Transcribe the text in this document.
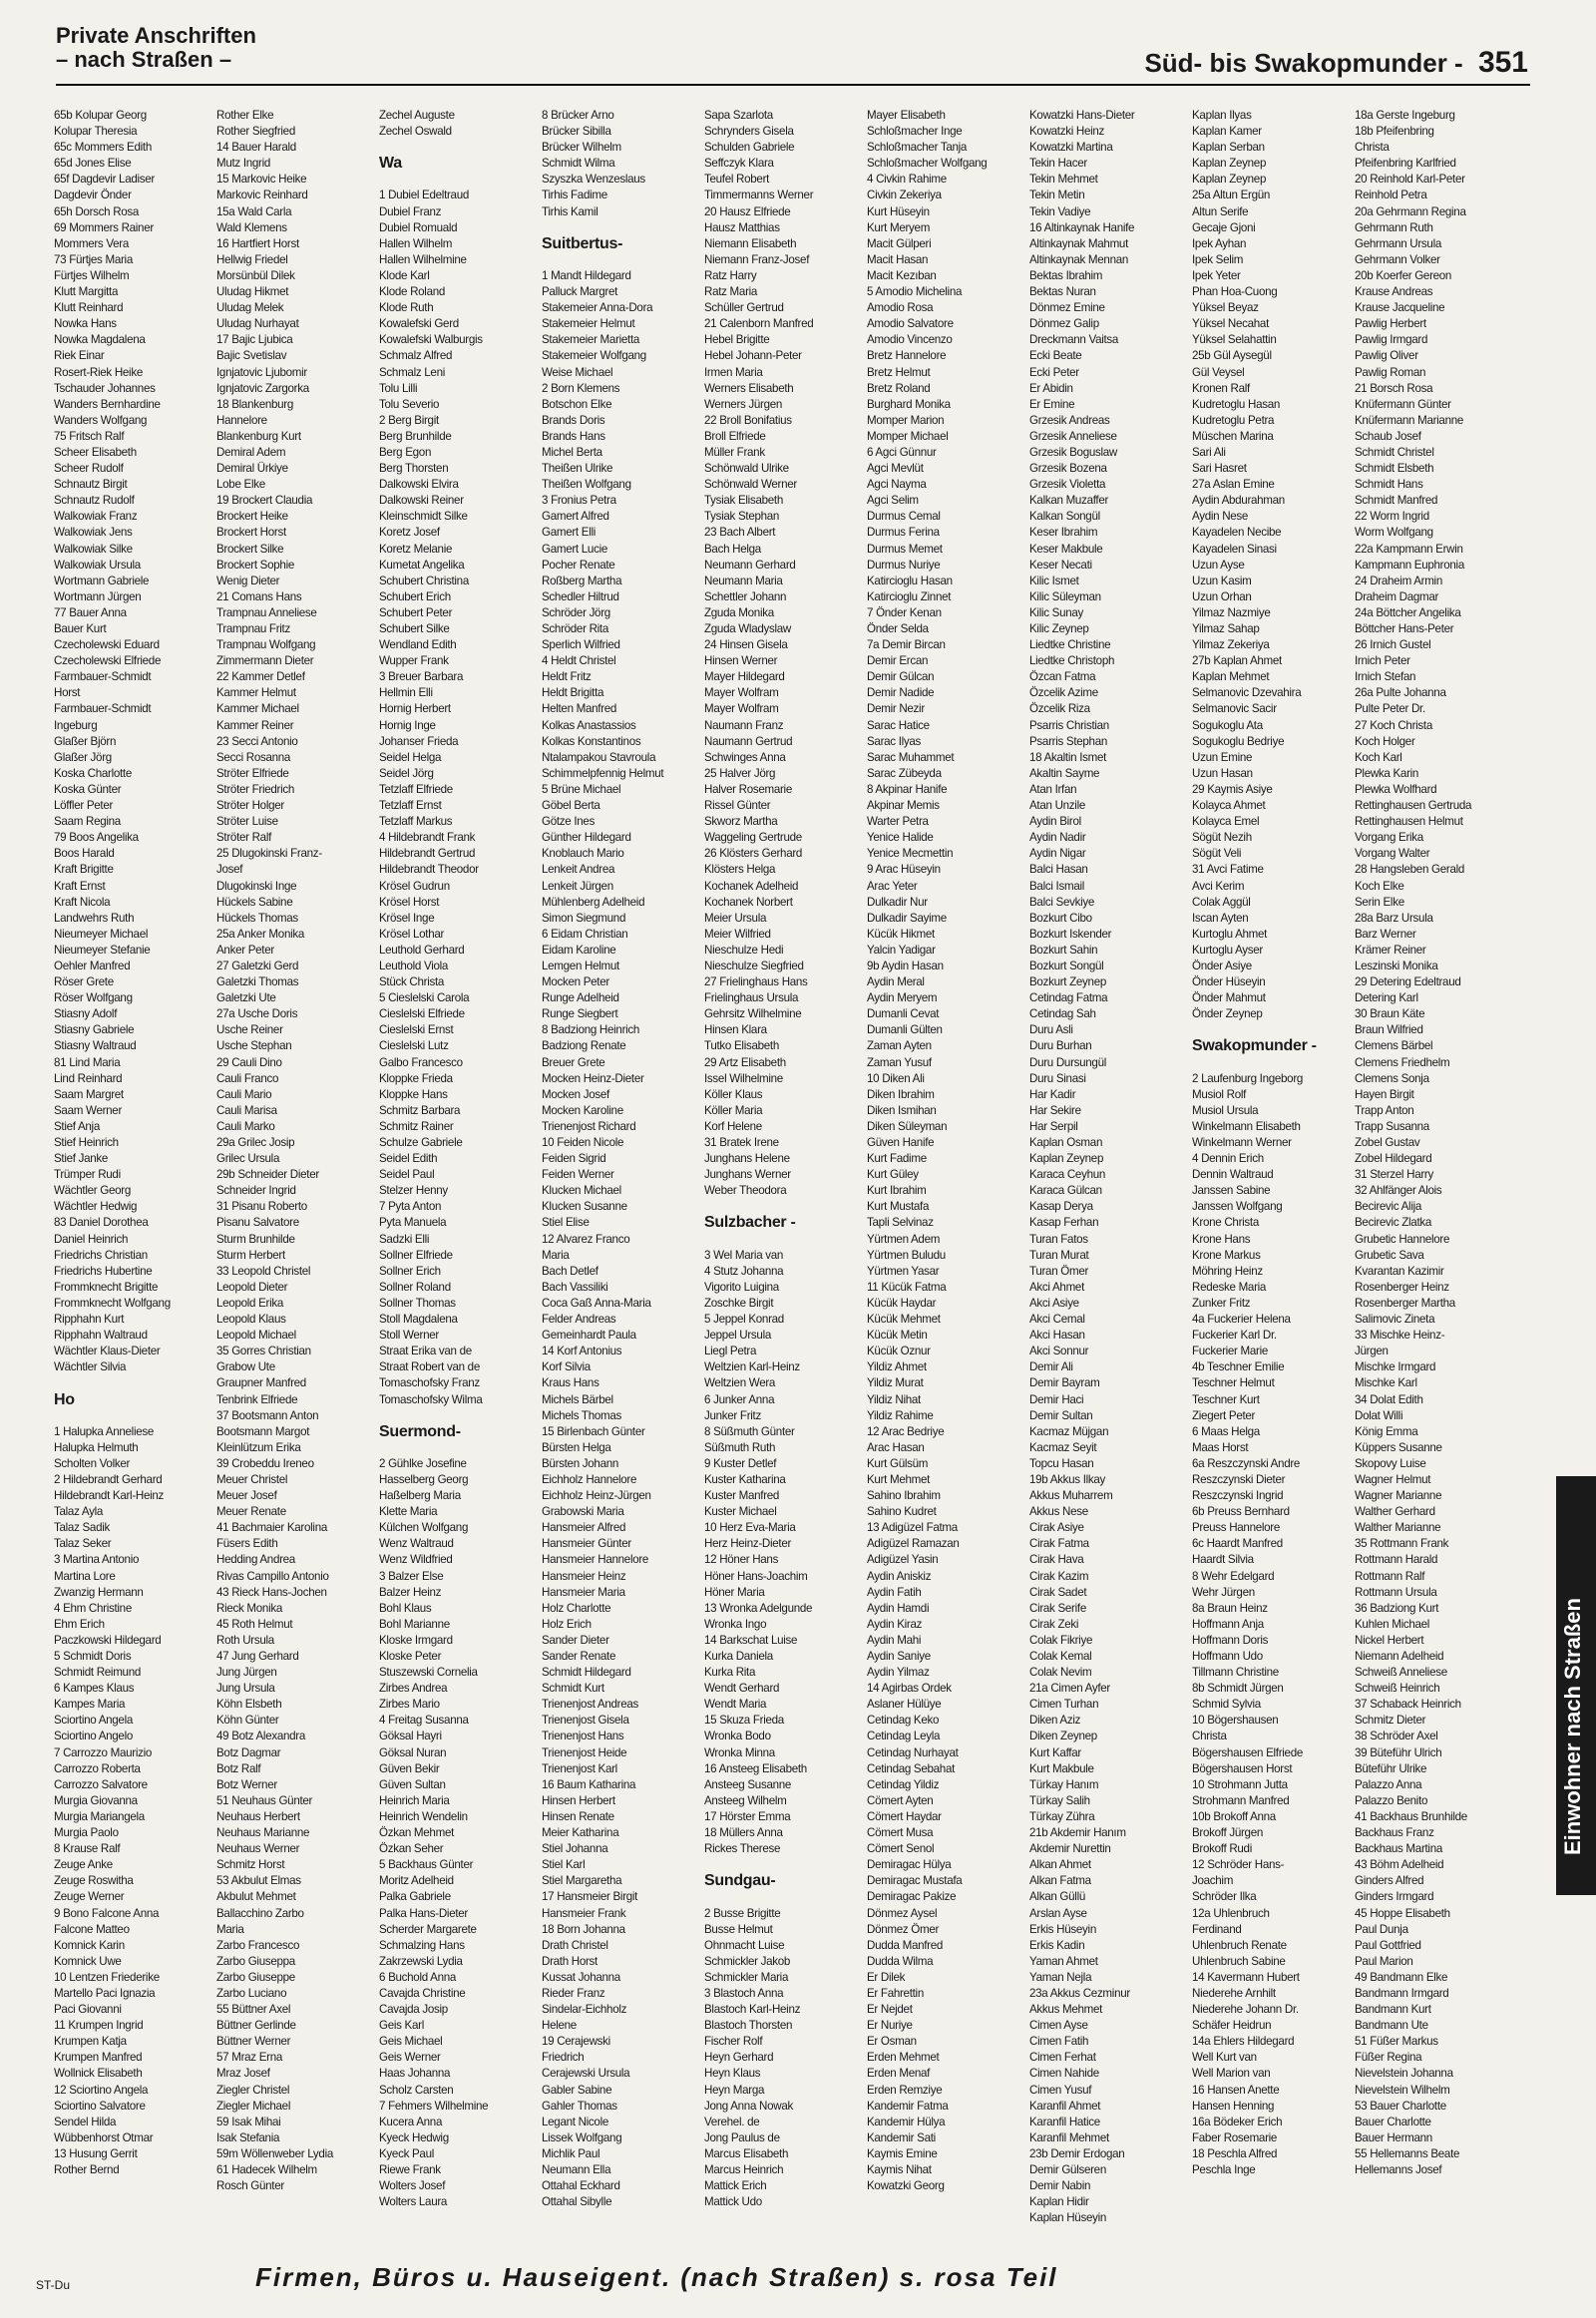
Private Anschriften
– nach Straßen –	Süd- bis Swakopmunder - 351
65b Kolupar Georg
Kolupar Theresia
65c Mommers Edith
65d Jones Elise
65f Dagdevir Ladiser
Dagdevir Önder
65h Dorsch Rosa
69 Mommers Rainer
Mommers Vera
73 Fürtjes Maria
Fürtjes Wilhelm
Klutt Margitta
Klutt Reinhard
Nowka Hans
Nowka Magdalena
Riek Einar
Rosert-Riek Heike
Tschauder Johannes
Wanders Bernhardine
Wanders Wolfgang
75 Fritsch Ralf
Scheer Elisabeth
Scheer Rudolf
Schnautz Birgit
Schnautz Rudolf
Walkowiak Franz
Walkowiak Jens
Walkowiak Silke
Walkowiak Ursula
Wortmann Gabriele
Wortmann Jürgen
77 Bauer Anna
Bauer Kurt
Czecholewski Eduard
Czecholewski Elfriede
Farmbauer-Schmidt
Horst
Farmbauer-Schmidt
Ingeburg
Glaßer Björn
Glaßer Jörg
Koska Charlotte
Koska Günter
Löffler Peter
Saam Regina
79 Boos Angelika
Boos Harald
Kraft Brigitte
Kraft Ernst
Kraft Nicola
Landwehrs Ruth
Nieumeyer Michael
Nieumeyer Stefanie
Oehler Manfred
Röser Grete
Röser Wolfgang
Stiasny Adolf
Stiasny Gabriele
Stiasny Waltraud
81 Lind Maria
Lind Reinhard
Saam Margret
Saam Werner
Stief Anja
Stief Heinrich
Stief Janke
Trümper Rudi
Wächtler Georg
Wächtler Hedwig
83 Daniel Dorothea
Daniel Heinrich
Friedrichs Christian
Friedrichs Hubertine
Frommknecht Brigitte
Frommknecht Wolfgang
Ripphahn Kurt
Ripphahn Waltraud
Wächtler Klaus-Dieter
Wächtler Silvia

Ho

1 Halupka Anneliese
Halupka Helmuth
Scholten Volker
2 Hildebrandt Gerhard
Hildebrandt Karl-Heinz
Talaz Ayla
Talaz Sadik
Talaz Seker
3 Martina Antonio
Martina Lore
Zwanzig Hermann
4 Ehm Christine
Ehm Erich
Paczkowski Hildegard
5 Schmidt Doris
Schmidt Reimund
6 Kampes Klaus
Kampes Maria
Sciortino Angela
Sciortino Angelo
7 Carrozzo Maurizio
Carrozzo Roberta
Carrozzo Salvatore
Murgia Giovanna
Murgia Mariangela
Murgia Paolo
8 Krause Ralf
Zeuge Anke
Zeuge Roswitha
Zeuge Werner
9 Bono Falcone Anna
Falcone Matteo
Komnick Karin
Komnick Uwe
10 Lentzen Friederike
Martello Paci Ignazia
Paci Giovanni
11 Krumpen Ingrid
Krumpen Katja
Krumpen Manfred
Wollnick Elisabeth
12 Sciortino Angela
Sciortino Salvatore
Sendel Hilda
Wübbenhorst Otmar
13 Husung Gerrit
Rother Bernd
Rother Elke
Rother Siegfried
14 Bauer Harald
Mutz Ingrid
15 Markovic Heike
Markovic Reinhard
15a Wald Carla
Wald Klemens
16 Hartfiert Horst
Hellwig Friedel
Morsünbül Dilek
Uludag Hikmet
Uludag Melek
Uludag Nurhayat
17 Bajic Ljubica
Bajic Svetislav
Ignjatovic Ljubomir
Ignjatovic Zargorka
18 Blankenburg
Hannelore
Blankenburg Kurt
Demiral Adem
Demiral Ürkiye
Lobe Elke
19 Brockert Claudia
Brockert Heike
Brockert Horst
Brockert Silke
Brockert Sophie
Wenig Dieter
21 Comans Hans
Trampnau Anneliese
Trampnau Fritz
Trampnau Wolfgang
Zimmermann Dieter
22 Kammer Detlef
Kammer Helmut
Kammer Michael
Kammer Reiner
23 Secci Antonio
Secci Rosanna
Ströter Elfriede
Ströter Friedrich
Ströter Holger
Ströter Luise
Ströter Ralf
25 Dlugokinski Franz-
Josef
Dlugokinski Inge
Hückels Sabine
Hückels Thomas
25a Anker Monika
Anker Peter
27 Galetzki Gerd
Galetzki Thomas
Galetzki Ute
27a Usche Doris
Usche Reiner
Usche Stephan
29 Cauli Dino
Cauli Franco
Cauli Mario
Cauli Marisa
Cauli Marko
29a Grilec Josip
Grilec Ursula
29b Schneider Dieter
Schneider Ingrid
31 Pisanu Roberto
Pisanu Salvatore
Sturm Brunhilde
Sturm Herbert
33 Leopold Christel
Leopold Dieter
Leopold Erika
Leopold Klaus
Leopold Michael
35 Gorres Christian
Grabow Ute
Graupner Manfred
Tenbrink Elfriede
37 Bootsmann Anton
Bootsmann Margot
Kleinlützum Erika
39 Crobeddu Ireneo
Meuer Christel
Meuer Josef
Meuer Renate
41 Bachmaier Karolina
Füsers Edith
Hedding Andrea
Rivas Campillo Antonio
43 Rieck Hans-Jochen
Rieck Monika
45 Roth Helmut
Roth Ursula
47 Jung Gerhard
Jung Jürgen
Jung Ursula
Köhn Elsbeth
Köhn Günter
49 Botz Alexandra
Botz Dagmar
Botz Ralf
Botz Werner
51 Neuhaus Günter
Neuhaus Herbert
Neuhaus Marianne
Neuhaus Werner
Schmitz Horst
53 Akbulut Elmas
Akbulut Mehmet
Ballacchino Zarbo
Maria
Zarbo Francesco
Zarbo Giuseppa
Zarbo Giuseppe
Zarbo Luciano
55 Büttner Axel
Büttner Gerlinde
Büttner Werner
57 Mraz Erna
Mraz Josef
Ziegler Christel
Ziegler Michael
59 Isak Mihai
Isak Stefania
59m Wöllenweber Lydia
61 Hadecek Wilhelm
Rosch Günter
Zechel Auguste
Zechel Oswald

Wa

1 Dubiel Edeltraud
Dubiel Franz
Dubiel Romuald
Hallen Wilhelm
Hallen Wilhelmine
Klode Karl
Klode Roland
Klode Ruth
Kowalefski Gerd
Kowalefski Walburgis
Schmalz Alfred
Schmalz Leni
Tolu Lilli
Tolu Severio
2 Berg Birgit
Berg Brunhilde
Berg Egon
Berg Thorsten
Dalkowski Elvira
Dalkowski Reiner
Kleinschmidt Silke
Koretz Josef
Koretz Melanie
Kumetat Angelika
Schubert Christina
Schubert Erich
Schubert Peter
Schubert Silke
Wendland Edith
Wupper Frank
3 Breuer Barbara
Hellmin Elli
Hornig Herbert
Hornig Inge
Johanser Frieda
Seidel Helga
Seidel Jörg
Tetzlaff Elfriede
Tetzlaff Ernst
Tetzlaff Markus
4 Hildebrandt Frank
Hildebrandt Gertrud
Hildebrandt Theodor
Krösel Gudrun
Krösel Horst
Krösel Inge
Krösel Lothar
Leuthold Gerhard
Leuthold Viola
Stück Christa
5 Cieslelski Carola
Cieslelski Elfriede
Cieslelski Ernst
Cieslelski Lutz
Galbo Francesco
Kloppke Frieda
Kloppke Hans
Schmitz Barbara
Schmitz Rainer
Schulze Gabriele
Seidel Edith
Seidel Paul
Stelzer Henny
7 Pyta Anton
Pyta Manuela
Sadzki Elli
Sollner Elfriede
Sollner Erich
Sollner Roland
Sollner Thomas
Stoll Magdalena
Stoll Werner
Straat Erika van de
Straat Robert van de
Tomaschofsky Franz
Tomaschofsky Wilma

Suermond-

2 Gühlke Josefine
Hasselberg Georg
Haßelberg Maria
Klette Maria
Külchen Wolfgang
Wenz Waltraud
Wenz Wildfried
3 Balzer Else
Balzer Heinz
Bohl Klaus
Bohl Marianne
Kloske Irmgard
Kloske Peter
Stuszewski Cornelia
Zirbes Andrea
Zirbes Mario
4 Freitag Susanna
Göksal Hayri
Göksal Nuran
Güven Bekir
Güven Sultan
Heinrich Maria
Heinrich Wendelin
Özkan Mehmet
Özkan Seher
5 Backhaus Günter
Moritz Adelheid
Palka Gabriele
Palka Hans-Dieter
Scherder Margarete
Schmalzing Hans
Zakrzewski Lydia
6 Buchold Anna
Cavajda Christine
Cavajda Josip
Geis Karl
Geis Michael
Geis Werner
Haas Johanna
Scholz Carsten
7 Fehmers Wilhelmine
Kucera Anna
Kyeck Hedwig
Kyeck Paul
Riewe Frank
Wolters Josef
Wolters Laura
8 Brücker Arno
Brücker Sibilla
Brücker Wilhelm
Schmidt Wilma
Szyszka Wenzeslaus
Tirhis Fadime
Tirhis Kamil

Suitbertus-

1 Mandt Hildegard
Palluck Margret
Stakemeier Anna-Dora
Stakemeier Helmut
Stakemeier Marietta
Stakemeier Wolfgang
Weise Michael
2 Born Klemens
Botschon Elke
Brands Doris
Brands Hans
Michel Berta
Theißen Ulrike
Theißen Wolfgang
3 Fronius Petra
Gamert Alfred
Gamert Elli
Gamert Lucie
Pocher Renate
Roßberg Martha
Schedler Hiltrud
Schröder Jörg
Schröder Rita
Sperlich Wilfried
4 Heldt Christel
Heldt Fritz
Heldt Brigitta
Helten Manfred
Kolkas Anastassios
Kolkas Konstantinos
Ntalampakou Stavroula
Schimmelpfennig Helmut
5 Brüne Michael
Göbel Berta
Götze Ines
Günther Hildegard
Knoblauch Mario
Lenkeit Andrea
Lenkeit Jürgen
Mühlenberg Adelheid
Simon Siegmund
6 Eidam Christian
Eidam Karoline
Lemgen Helmut
Mocken Peter
Runge Adelheid
Runge Siegbert
8 Badziong Heinrich
Badziong Renate
Breuer Grete
Mocken Heinz-Dieter
Mocken Josef
Mocken Karoline
Trienenjost Richard
10 Feiden Nicole
Feiden Sigrid
Feiden Werner
Klucken Michael
Klucken Susanne
Stiel Elise
12 Alvarez Franco
Maria
Bach Detlef
Bach Vassiliki
Coca Gaß Anna-Maria
Felder Andreas
Gemeinhardt Paula
14 Korf Antonius
Korf Silvia
Kraus Hans
Michels Bärbel
Michels Thomas
15 Birlenbach Günter
Bürsten Helga
Bürsten Johann
Eichholz Hannelore
Eichholz Heinz-Jürgen
Grabowski Maria
Hansmeier Alfred
Hansmeier Günter
Hansmeier Hannelore
Hansmeier Heinz
Hansmeier Maria
Holz Charlotte
Holz Erich
Sander Dieter
Sander Renate
Schmidt Hildegard
Schmidt Kurt
Trienenjost Andreas
Trienenjost Gisela
Trienenjost Hans
Trienenjost Heide
Trienenjost Karl
16 Baum Katharina
Hinsen Herbert
Hinsen Renate
Meier Katharina
Stiel Johanna
Stiel Karl
Stiel Margaretha
17 Hansmeier Birgit
Hansmeier Frank
18 Born Johanna
Drath Christel
Drath Horst
Kussat Johanna
Rieder Franz
Sindelar-Eichholz
Helene
19 Cerajewski
Friedrich
Cerajewski Ursula
Gabler Sabine
Gahler Thomas
Legant Nicole
Lissek Wolfgang
Michlik Paul
Neumann Ella
Ottahal Eckhard
Ottahal Sibylle
Sapa Szarlota
Schrynders Gisela
Schulden Gabriele
Seffczyk Klara
Teufel Robert
Timmermanns Werner
20 Hausz Elfriede
Hausz Matthias
Niemann Elisabeth
Niemann Franz-Josef
Ratz Harry
Ratz Maria
Schüller Gertrud
21 Calenborn Manfred
Hebel Brigitte
Hebel Johann-Peter
Irmen Maria
Werners Elisabeth
Werners Jürgen
22 Broll Bonifatius
Broll Elfriede
Müller Frank
Schönwald Ulrike
Schönwald Werner
Tysiak Elisabeth
Tysiak Stephan
23 Bach Albert
Bach Helga
Neumann Gerhard
Neumann Maria
Schettler Johann
Zguda Monika
Zguda Wladyslaw
24 Hinsen Gisela
Hinsen Werner
Mayer Hildegard
Mayer Wolfram
Mayer Wolfram
Naumann Franz
Naumann Gertrud
Schwinges Anna
25 Halver Jörg
Halver Rosemarie
Rissel Günter
Skworz Martha
Waggeling Gertrude
26 Klösters Gerhard
Klösters Helga
Kochanek Adelheid
Kochanek Norbert
Meier Ursula
Meier Wilfried
Nieschulze Hedi
Nieschulze Siegfried
27 Frielinghaus Hans
Frielinghaus Ursula
Gehrsitz Wilhelmine
Hinsen Klara
Tutko Elisabeth
29 Artz Elisabeth
Issel Wilhelmine
Köller Klaus
Köller Maria
Korf Helene
31 Bratek Irene
Junghans Helene
Junghans Werner
Weber Theodora

Sulzbacher -

3 Wel Maria van
4 Stutz Johanna
Vigorito Luigina
Zoschke Birgit
5 Jeppel Konrad
Jeppel Ursula
Liegl Petra
Weltzien Karl-Heinz
Weltzien Wera
6 Junker Anna
Junker Fritz
8 Süßmuth Günter
Süßmuth Ruth
9 Kuster Detlef
Kuster Katharina
Kuster Manfred
Kuster Michael
10 Herz Eva-Maria
Herz Heinz-Dieter
12 Höner Hans
Höner Hans-Joachim
Höner Maria
13 Wronka Adelgunde
Wronka Ingo
14 Barkschat Luise
Kurka Daniela
Kurka Rita
Wendt Gerhard
Wendt Maria
15 Skuza Frieda
Wronka Bodo
Wronka Minna
16 Ansteeg Elisabeth
Ansteeg Susanne
Ansteeg Wilhelm
17 Hörster Emma
18 Müllers Anna
Rickes Therese

Sundgau-

2 Busse Brigitte
Busse Helmut
Ohnmacht Luise
Schmickler Jakob
Schmickler Maria
3 Blastoch Anna
Blastoch Karl-Heinz
Blastoch Thorsten
Fischer Rolf
Heyn Gerhard
Heyn Klaus
Heyn Marga
Jong Anna Nowak
Verehel. de
Jong Paulus de
Marcus Elisabeth
Marcus Heinrich
Mattick Erich
Mattick Udo
Mayer Elisabeth
Schloßmacher Inge
Schloßmacher Tanja
Schloßmacher Wolfgang
4 Civkin Rahime
Civkin Zekeriya
Kurt Hüseyin
Kurt Meryem
Macit Gülperi
Macit Hasan
Macit Kezıban
5 Amodio Michelina
Amodio Rosa
Amodio Salvatore
Amodio Vincenzo
Bretz Hannelore
Bretz Helmut
Bretz Roland
Burghard Monika
Momper Marion
Momper Michael
6 Agci Günnur
Agci Mevlüt
Agci Nayma
Agci Selim
Durmus Cemal
Durmus Ferina
Durmus Memet
Durmus Nuriye
Katircioglu Hasan
Katircioglu Zinnet
7 Önder Kenan
Önder Selda
7a Demir Bircan
Demir Ercan
Demir Gülcan
Demir Nadide
Demir Nezir
Sarac Hatice
Sarac Ilyas
Sarac Muhammet
Sarac Zübeyda
8 Akpinar Hanife
Akpinar Memis
Warter Petra
Yenice Halide
Yenice Mecmettin
9 Arac Hüseyin
Arac Yeter
Dulkadir Nur
Dulkadir Sayime
Kücük Hikmet
Yalcin Yadigar
9b Aydin Hasan
Aydin Meral
Aydin Meryem
Dumanli Cevat
Dumanli Gülten
Zaman Ayten
Zaman Yusuf
10 Diken Ali
Diken Ibrahim
Diken Ismihan
Diken Süleyman
Güven Hanife
Kurt Fadime
Kurt Güley
Kurt Ibrahim
Kurt Mustafa
Tapli Selvinaz
Yürtmen Adem
Yürtmen Buludu
Yürtmen Yasar
11 Kücük Fatma
Kücük Haydar
Kücük Mehmet
Kücük Metin
Kücük Oznur
Yildiz Ahmet
Yildiz Murat
Yildiz Nihat
Yildiz Rahime
12 Arac Bedriye
Arac Hasan
Kurt Gülsüm
Kurt Mehmet
Sahino Ibrahim
Sahino Kudret
13 Adigüzel Fatma
Adigüzel Ramazan
Adigüzel Yasin
Aydin Aniskiz
Aydin Fatih
Aydin Hamdi
Aydin Kiraz
Aydin Mahi
Aydin Saniye
Aydin Yilmaz
14 Agirbas Ordek
Aslaner Hülüye
Cetindag Keko
Cetindag Leyla
Cetindag Nurhayat
Cetindag Sebahat
Cetindag Yildiz
Cömert Ayten
Cömert Haydar
Cömert Musa
Cömert Senol
Demiragac Hülya
Demiragac Mustafa
Demiragac Pakize
Dönmez Aysel
Dönmez Ömer
Dudda Manfred
Dudda Wilma
Er Dilek
Er Fahrettin
Er Nejdet
Er Nuriye
Er Osman
Erden Mehmet
Erden Menaf
Erden Remziye
Kandemir Fatma
Kandemir Hülya
Kandemir Sati
Kaymis Emine
Kaymis Nihat
Kowatzki Georg
Kowatzki Hans-Dieter
Kowatzki Heinz
Kowatzki Martina
Tekin Hacer
Tekin Mehmet
Tekin Metin
Tekin Vadiye
16 Altinkaynak Hanife
Altinkaynak Mahmut
Altinkaynak Mennan
Bektas Ibrahim
Bektas Nuran
Dönmez Emine
Dönmez Galip
Dreckmann Vaitsa
Ecki Beate
Ecki Peter
Er Abidin
Er Emine
Grzesik Andreas
Grzesik Anneliese
Grzesik Boguslaw
Grzesik Bozena
Grzesik Violetta
Kalkan Muzaffer
Kalkan Songül
Keser Ibrahim
Keser Makbule
Keser Necati
Kilic Ismet
Kilic Süleyman
Kilic Sunay
Kilic Zeynep
Liedtke Christine
Liedtke Christoph
Özcan Fatma
Özcelik Azime
Özcelik Riza
Psarris Christian
Psarris Stephan
18 Akaltin Ismet
Akaltin Sayme
Atan Irfan
Atan Unzile
Aydin Birol
Aydin Nadir
Aydin Nigar
Balci Hasan
Balci Ismail
Balci Sevkiye
Bozkurt Cibo
Bozkurt Iskender
Bozkurt Sahin
Bozkurt Songül
Bozkurt Zeynep
Cetindag Fatma
Cetindag Sah
Duru Asli
Duru Burhan
Duru Dursungül
Duru Sinasi
Har Kadir
Har Sekire
Har Serpil
Kaplan Osman
Kaplan Zeynep
Karaca Ceyhun
Karaca Gülcan
Kasap Derya
Kasap Ferhan
Turan Fatos
Turan Murat
Turan Ömer
Akci Ahmet
Akci Asiye
Akci Cemal
Akci Hasan
Akci Sonnur
Demir Ali
Demir Bayram
Demir Haci
Demir Sultan
Kacmaz Müjgan
Kacmaz Seyit
Topcu Hasan
19b Akkus Ilkay
Akkus Muharrem
Akkus Nese
Cirak Asiye
Cirak Fatma
Cirak Hava
Cirak Kazim
Cirak Sadet
Cirak Serife
Cirak Zeki
Colak Fikriye
Colak Kemal
Colak Nevim
21a Cimen Ayfer
Cimen Turhan
Diken Aziz
Diken Zeynep
Kurt Kaffar
Kurt Makbule
Türkay Hanım
Türkay Salih
Türkay Zühra
21b Akdemir Hanım
Akdemir Nurettin
Alkan Ahmet
Alkan Fatma
Alkan Güllü
Arslan Ayse
Erkis Hüseyin
Erkis Kadin
Yaman Ahmet
Yaman Nejla
23a Akkus Cezminur
Akkus Mehmet
Cimen Ayse
Cimen Fatih
Cimen Ferhat
Cimen Nahide
Cimen Yusuf
Karanfil Ahmet
Karanfil Hatice
Karanfil Mehmet
23b Demir Erdogan
Demir Gülseren
Demir Nabin
Kaplan Hidir
Kaplan Hüseyin
Kaplan Ilyas
Kaplan Kamer
Kaplan Serban
Kaplan Zeynep
Kaplan Zeynep
25a Altun Ergün
Altun Serife
Gecaje Gjoni
Ipek Ayhan
Ipek Selim
Ipek Yeter
Phan Hoa-Cuong
Yüksel Beyaz
Yüksel Necahat
Yüksel Selahattin
25b Gül Aysegül
Gül Veysel
Kronen Ralf
Kudretoglu Hasan
Kudretoglu Petra
Müschen Marina
Sari Ali
Sari Hasret
27a Aslan Emine
Aydin Abdurahman
Aydin Nese
Kayadelen Necibe
Kayadelen Sinasi
Uzun Ayse
Uzun Kasim
Uzun Orhan
Yilmaz Nazmiye
Yilmaz Sahap
Yilmaz Zekeriya
27b Kaplan Ahmet
Kaplan Mehmet
Selmanovic Dzevahira
Selmanovic Sacir
Sogukoglu Ata
Sogukoglu Bedriye
Uzun Emine
Uzun Hasan
29 Kaymis Asiye
Kolayca Ahmet
Kolayca Emel
Sögüt Nezih
Sögüt Veli
31 Avci Fatime
Avci Kerim
Colak Aggül
Iscan Ayten
Kurtoglu Ahmet
Kurtoglu Ayser
Önder Asiye
Önder Hüseyin
Önder Mahmut
Önder Zeynep

Swakopmunder -

2 Laufenburg Ingeborg
Musiol Rolf
Musiol Ursula
Winkelmann Elisabeth
Winkelmann Werner
4 Dennin Erich
Dennin Waltraud
Janssen Sabine
Janssen Wolfgang
Krone Christa
Krone Hans
Krone Markus
Möhring Heinz
Redeske Maria
Zunker Fritz
4a Fuckerier Helena
Fuckerier Karl Dr.
Fuckerier Marie
4b Teschner Emilie
Teschner Helmut
Teschner Kurt
Ziegert Peter
6 Maas Helga
Maas Horst
6a Reszczynski Andre
Reszczynski Dieter
Reszczynski Ingrid
6b Preuss Bernhard
Preuss Hannelore
6c Haardt Manfred
Haardt Silvia
8 Wehr Edelgard
Wehr Jürgen
8a Braun Heinz
Hoffmann Anja
Hoffmann Doris
Hoffmann Udo
Tillmann Christine
8b Schmidt Jürgen
Schmid Sylvia
10 Bögershausen
Christa
Bögershausen Elfriede
Bögershausen Horst
10 Strohmann Jutta
Strohmann Manfred
10b Brokoff Anna
Brokoff Jürgen
Brokoff Rudi
12 Schröder Hans-
Joachim
Schröder Ilka
12a Uhlenbruch
Ferdinand
Uhlenbruch Renate
Uhlenbruch Sabine
14 Kavermann Hubert
Niederehe Arnhilt
Niederehe Johann Dr.
Schäfer Heidrun
14a Ehlers Hildegard
Well Kurt van
Well Marion van
16 Hansen Anette
Hansen Henning
16a Bödeker Erich
Faber Rosemarie
18 Peschla Alfred
Peschla Inge
18a Gerste Ingeburg
18b Pfeifenbring
Christa
Pfeifenbring Karlfried
20 Reinhold Karl-Peter
Reinhold Petra
20a Gehrmann Regina
Gehrmann Ruth
Gehrmann Ursula
Gehrmann Volker
20b Koerfer Gereon
Krause Andreas
Krause Jacqueline
Pawlig Herbert
Pawlig Irmgard
Pawlig Oliver
Pawlig Roman
21 Borsch Rosa
Knüfermann Günter
Knüfermann Marianne
Schaub Josef
Schmidt Christel
Schmidt Elsbeth
Schmidt Hans
Schmidt Manfred
22 Worm Ingrid
Worm Wolfgang
22a Kampmann Erwin
Kampmann Euphronia
24 Draheim Armin
Draheim Dagmar
24a Böttcher Angelika
Böttcher Hans-Peter
26 Irnich Gustel
Irnich Peter
Irnich Stefan
26a Pulte Johanna
Pulte Peter Dr.
27 Koch Christa
Koch Holger
Koch Karl
Plewka Karin
Plewka Wolfhard
Rettinghausen Gertruda
Rettinghausen Helmut
Vorgang Erika
Vorgang Walter
28 Hangsleben Gerald
Koch Elke
Serin Elke
28a Barz Ursula
Barz Werner
Krämer Reiner
Leszinski Monika
29 Detering Edeltraud
Detering Karl
30 Braun Käte
Braun Wilfried
Clemens Bärbel
Clemens Friedhelm
Clemens Sonja
Hayen Birgit
Trapp Anton
Trapp Susanna
Zobel Gustav
Zobel Hildegard
31 Sterzel Harry
32 Ahlfänger Alois
Becirevic Alija
Becirevic Zlatka
Grubetic Hannelore
Grubetic Sava
Kvarantan Kazimir
Rosenberger Heinz
Rosenberger Martha
Salimovic Zineta
33 Mischke Heinz-
Jürgen
Mischke Irmgard
Mischke Karl
34 Dolat Edith
Dolat Willi
König Emma
Küppers Susanne
Skopovy Luise
Wagner Helmut
Wagner Marianne
Walther Gerhard
Walther Marianne
35 Rottmann Frank
Rottmann Harald
Rottmann Ralf
Rottmann Ursula
36 Badziong Kurt
Kuhlen Michael
Nickel Herbert
Niemann Adelheid
Schweiß Anneliese
Schweiß Heinrich
37 Schaback Heinrich
Schmitz Dieter
38 Schröder Axel
39 Büteführ Ulrich
Büteführ Ulrike
Palazzo Anna
Palazzo Benito
41 Backhaus Brunhilde
Backhaus Franz
Backhaus Martina
43 Böhm Adelheid
Ginders Alfred
Ginders Irmgard
45 Hoppe Elisabeth
Paul Dunja
Paul Gottfried
Paul Marion
49 Bandmann Elke
Bandmann Irmgard
Bandmann Kurt
Bandmann Ute
51 Füßer Markus
Füßer Regina
Nievelstein Johanna
Nievelstein Wilhelm
53 Bauer Charlotte
Bauer Charlotte
Bauer Hermann
55 Hellemanns Beate
Hellemanns Josef
Einwohner nach Straßen
ST-Du	Firmen, Büros u. Hauseigent. (nach Straßen) s. rosa Teil
